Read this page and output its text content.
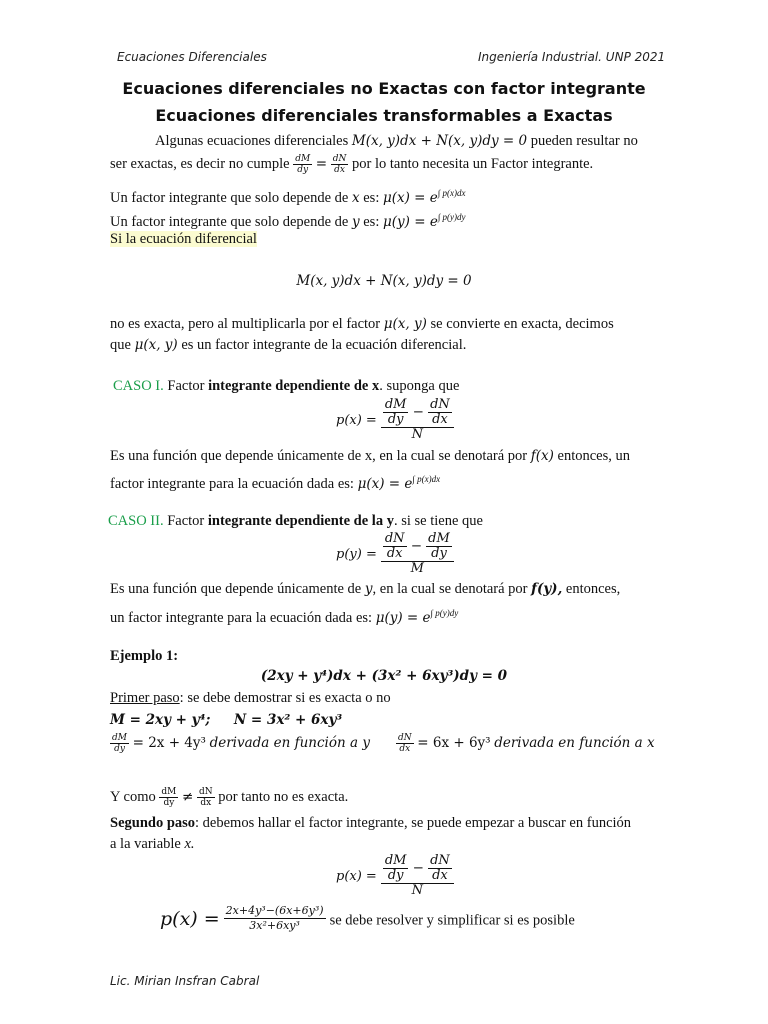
Ecuaciones Diferenciales	Ingeniería Industrial. UNP 2021
Ecuaciones diferenciales no Exactas con factor integrante
Ecuaciones diferenciales transformables a Exactas
Algunas ecuaciones diferenciales M(x, y)dx + N(x, y)dy = 0 pueden resultar no
ser exactas, es decir no cumple $\frac{dM}{dy} = \frac{dN}{dx}$ por lo tanto necesita un Factor integrante.
Un factor integrante que solo depende de x es: $\mu(x) = e^{\int p(x)dx}$
Un factor integrante que solo depende de y es: $\mu(y) = e^{\int p(y)dy}$
Si la ecuación diferencial
M(x, y)dx + N(x, y)dy = 0
no es exacta, pero al multiplicarla por el factor μ(x, y) se convierte en exacta, decimos
que μ(x, y) es un factor integrante de la ecuación diferencial.
CASO I. Factor integrante dependiente de x. suponga que
$p(x) = \frac{\frac{dM}{dy} - \frac{dN}{dx}}{N}$
Es una función que depende únicamente de x, en la cual se denotará por f(x) entonces, un
factor integrante para la ecuación dada es: $\mu(x) = e^{\int p(x)dx}$
CASO II. Factor integrante dependiente de la y. si se tiene que
$p(y) = \frac{\frac{dN}{dx} - \frac{dM}{dy}}{M}$
Es una función que depende únicamente de y, en la cual se denotará por f(y), entonces,
un factor integrante para la ecuación dada es: $\mu(y) = e^{\int p(y)dy}$
Ejemplo 1:
(2xy + y⁴)dx + (3x² + 6xy³)dy = 0
Primer paso: se debe demostrar si es exacta o no
M = 2xy + y⁴;     N = 3x² + 6xy³
$\frac{dM}{dy} = 2x + 4y^3$ derivada en función a y	$\frac{dN}{dx} = 6x + 6y^3$ derivada en función a x
Y como $\frac{dM}{dy} \ne \frac{dN}{dx}$ por tanto no es exacta.
Segundo paso: debemos hallar el factor integrante, se puede empezar a buscar en función
a la variable x.
$p(x) = \frac{\frac{dM}{dy} - \frac{dN}{dx}}{N}$
$p(x) = \frac{\text{2x+4y³−(6x+6y³)}}{\text{3x²+6xy³}}$ se debe resolver y simplificar si es posible
Lic. Mirian Insfran Cabral
